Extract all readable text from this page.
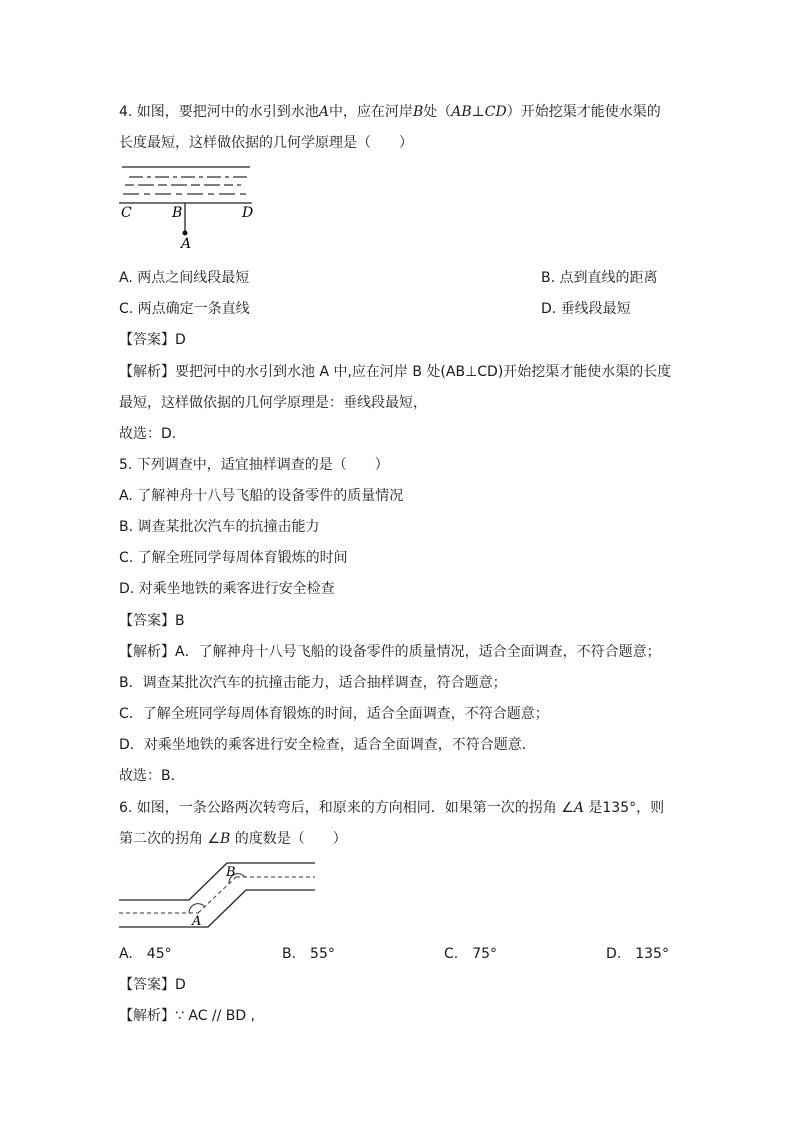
4. 如图，要把河中的水引到水池A中，应在河岸B处（AB⊥CD）开始挖渠才能使水渠的
长度最短，这样做依据的几何学原理是（　　）
C	B	D
A
A. 两点之间线段最短	B. 点到直线的距离
C. 两点确定一条直线	D. 垂线段最短
【答案】D
【解析】要把河中的水引到水池 A 中,应在河岸 B 处(AB⊥CD)开始挖渠才能使水渠的长度
最短，这样做依据的几何学原理是：垂线段最短，
故选：D.
5. 下列调查中，适宜抽样调查的是（　　）
A. 了解神舟十八号飞船的设备零件的质量情况
B. 调查某批次汽车的抗撞击能力
C. 了解全班同学每周体育锻炼的时间
D. 对乘坐地铁的乘客进行安全检查
【答案】B
【解析】A．了解神舟十八号飞船的设备零件的质量情况，适合全面调查，不符合题意；
B．调查某批次汽车的抗撞击能力，适合抽样调查，符合题意；
C．了解全班同学每周体育锻炼的时间，适合全面调查，不符合题意；
D．对乘坐地铁的乘客进行安全检查，适合全面调查，不符合题意．
故选：B．
6. 如图，一条公路两次转弯后，和原来的方向相同．如果第一次的拐角 ∠A 是135°，则
第二次的拐角 ∠B 的度数是（　　）
A
B
A.　45°	B.　55°	C.　75°	D.　135°
【答案】D
【解析】∵ AC // BD ,
